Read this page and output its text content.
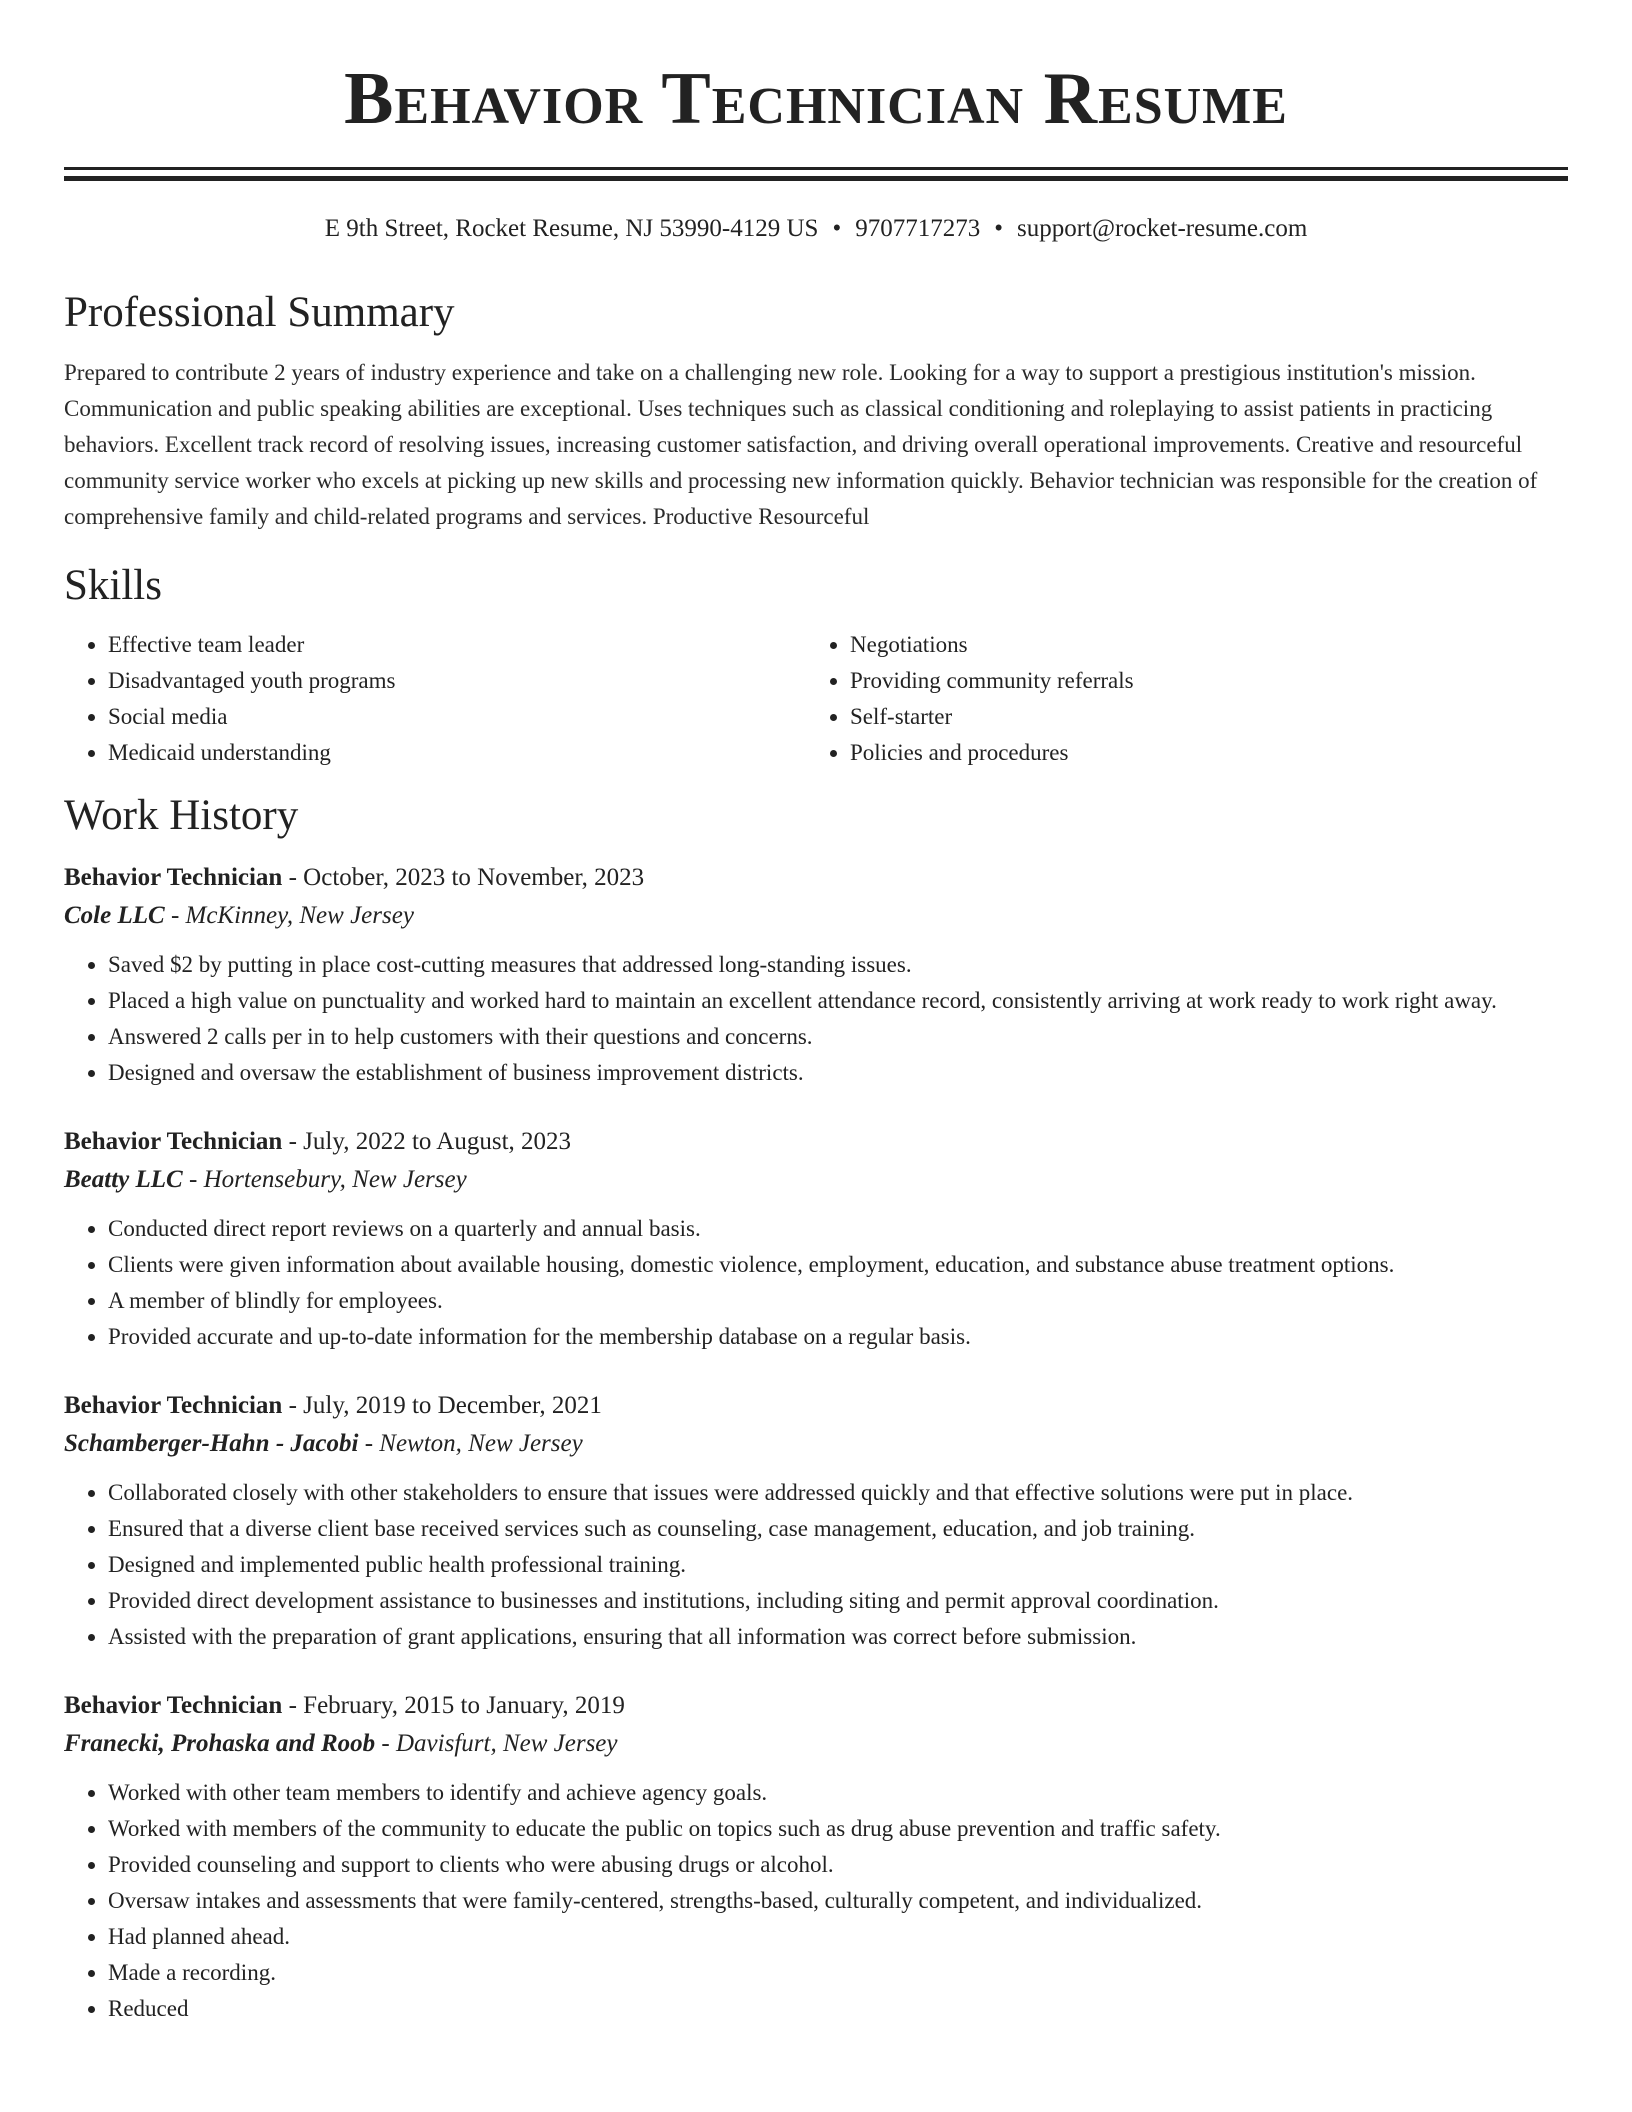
Behavior Technician Resume
E 9th Street, Rocket Resume, NJ 53990-4129 US • 9707717273 • support@rocket-resume.com
Professional Summary

Prepared to contribute 2 years of industry experience and take on a challenging new role. Looking for a way to support a prestigious institution's mission. Communication and public speaking abilities are exceptional. Uses techniques such as classical conditioning and roleplaying to assist patients in practicing behaviors. Excellent track record of resolving issues, increasing customer satisfaction, and driving overall operational improvements. Creative and resourceful community service worker who excels at picking up new skills and processing new information quickly. Behavior technician was responsible for the creation of comprehensive family and child-related programs and services. Productive Resourceful

Skills
• Effective team leader
• Disadvantaged youth programs
• Social media
• Medicaid understanding
• Negotiations
• Providing community referrals
• Self-starter
• Policies and procedures
Work History
Behavior Technician - October, 2023 to November, 2023
Cole LLC - McKinney, New Jersey
• Saved $2 by putting in place cost-cutting measures that addressed long-standing issues.
• Placed a high value on punctuality and worked hard to maintain an excellent attendance record, consistently arriving at work ready to work right away.
• Answered 2 calls per in to help customers with their questions and concerns.
• Designed and oversaw the establishment of business improvement districts.
Behavior Technician - July, 2022 to August, 2023
Beatty LLC - Hortensebury, New Jersey
• Conducted direct report reviews on a quarterly and annual basis.
• Clients were given information about available housing, domestic violence, employment, education, and substance abuse treatment options.
• A member of blindly for employees.
• Provided accurate and up-to-date information for the membership database on a regular basis.
Behavior Technician - July, 2019 to December, 2021
Schamberger-Hahn - Jacobi - Newton, New Jersey
• Collaborated closely with other stakeholders to ensure that issues were addressed quickly and that effective solutions were put in place.
• Ensured that a diverse client base received services such as counseling, case management, education, and job training.
• Designed and implemented public health professional training.
• Provided direct development assistance to businesses and institutions, including siting and permit approval coordination.
• Assisted with the preparation of grant applications, ensuring that all information was correct before submission.
Behavior Technician - February, 2015 to January, 2019
Franecki, Prohaska and Roob - Davisfurt, New Jersey
• Worked with other team members to identify and achieve agency goals.
• Worked with members of the community to educate the public on topics such as drug abuse prevention and traffic safety.
• Provided counseling and support to clients who were abusing drugs or alcohol.
• Oversaw intakes and assessments that were family-centered, strengths-based, culturally competent, and individualized.
• Had planned ahead.
• Made a recording.
• Reduced
